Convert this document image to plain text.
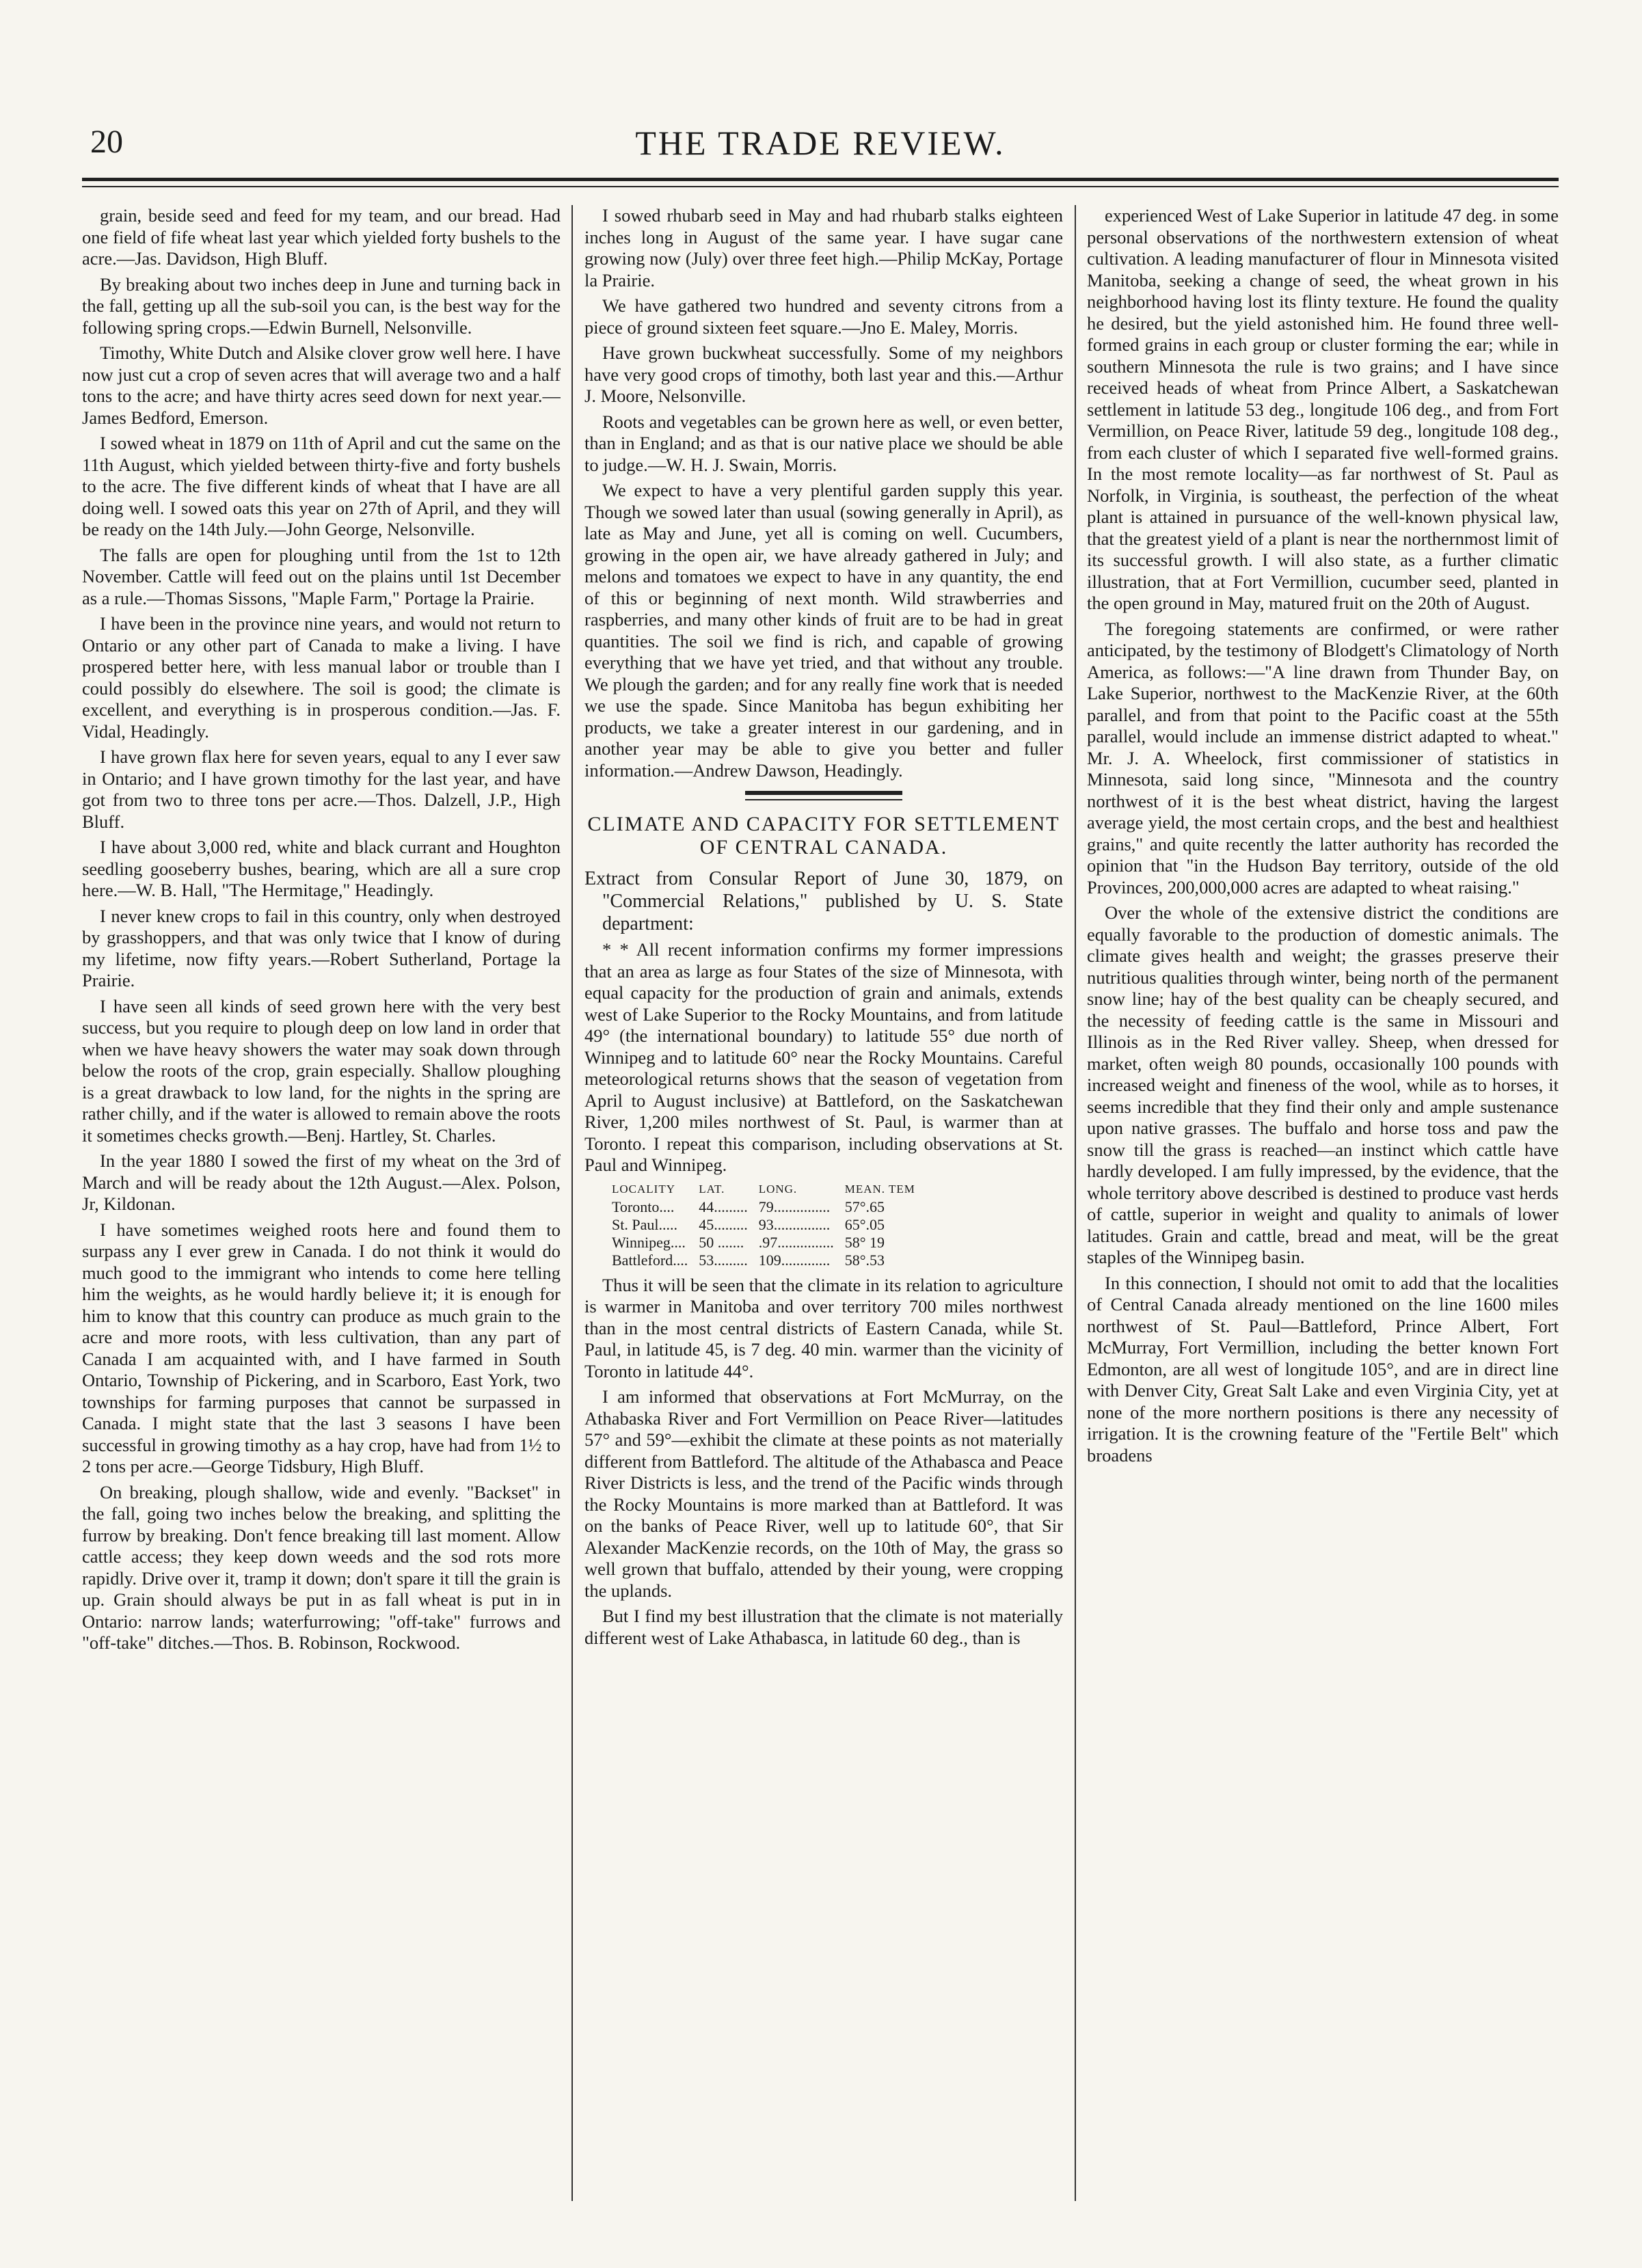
20	THE TRADE REVIEW.

grain, beside seed and feed for my team, and our bread. Had one field of fife wheat last year which yielded forty bushels to the acre.—Jas. Davidson, High Bluff.

By breaking about two inches deep in June and turning back in the fall, getting up all the sub-soil you can, is the best way for the following spring crops.—Edwin Burnell, Nelsonville.

Timothy, White Dutch and Alsike clover grow well here. I have now just cut a crop of seven acres that will average two and a half tons to the acre; and have thirty acres seed down for next year.—James Bedford, Emerson.

I sowed wheat in 1879 on 11th of April and cut the same on the 11th August, which yielded between thirty-five and forty bushels to the acre. The five different kinds of wheat that I have are all doing well. I sowed oats this year on 27th of April, and they will be ready on the 14th July.—John George, Nelsonville.

The falls are open for ploughing until from the 1st to 12th November. Cattle will feed out on the plains until 1st December as a rule.—Thomas Sissons, "Maple Farm," Portage la Prairie.

I have been in the province nine years, and would not return to Ontario or any other part of Canada to make a living. I have prospered better here, with less manual labor or trouble than I could possibly do elsewhere. The soil is good; the climate is excellent, and everything is in prosperous condition.—Jas. F. Vidal, Headingly.

I have grown flax here for seven years, equal to any I ever saw in Ontario; and I have grown timothy for the last year, and have got from two to three tons per acre.—Thos. Dalzell, J.P., High Bluff.

I have about 3,000 red, white and black currant and Houghton seedling gooseberry bushes, bearing, which are all a sure crop here.—W. B. Hall, "The Hermitage," Headingly.

I never knew crops to fail in this country, only when destroyed by grasshoppers, and that was only twice that I know of during my lifetime, now fifty years.—Robert Sutherland, Portage la Prairie.

I have seen all kinds of seed grown here with the very best success, but you require to plough deep on low land in order that when we have heavy showers the water may soak down through below the roots of the crop, grain especially. Shallow ploughing is a great drawback to low land, for the nights in the spring are rather chilly, and if the water is allowed to remain above the roots it sometimes checks growth.—Benj. Hartley, St. Charles.

In the year 1880 I sowed the first of my wheat on the 3rd of March and will be ready about the 12th August.—Alex. Polson, Jr, Kildonan.

I have sometimes weighed roots here and found them to surpass any I ever grew in Canada. I do not think it would do much good to the immigrant who intends to come here telling him the weights, as he would hardly believe it; it is enough for him to know that this country can produce as much grain to the acre and more roots, with less cultivation, than any part of Canada I am acquainted with, and I have farmed in South Ontario, Township of Pickering, and in Scarboro, East York, two townships for farming purposes that cannot be surpassed in Canada. I might state that the last 3 seasons I have been successful in growing timothy as a hay crop, have had from 1½ to 2 tons per acre.—George Tidsbury, High Bluff.

On breaking, plough shallow, wide and evenly. "Backset" in the fall, going two inches below the breaking, and splitting the furrow by breaking. Don't fence breaking till last moment. Allow cattle access; they keep down weeds and the sod rots more rapidly. Drive over it, tramp it down; don't spare it till the grain is up. Grain should always be put in as fall wheat is put in in Ontario: narrow lands; waterfurrowing; "off-take" furrows and "off-take" ditches.—Thos. B. Robinson, Rockwood.

I sowed rhubarb seed in May and had rhubarb stalks eighteen inches long in August of the same year. I have sugar cane growing now (July) over three feet high.—Philip McKay, Portage la Prairie.

We have gathered two hundred and seventy citrons from a piece of ground sixteen feet square.—Jno E. Maley, Morris.

Have grown buckwheat successfully. Some of my neighbors have very good crops of timothy, both last year and this.—Arthur J. Moore, Nelsonville.

Roots and vegetables can be grown here as well, or even better, than in England; and as that is our native place we should be able to judge.—W. H. J. Swain, Morris.

We expect to have a very plentiful garden supply this year. Though we sowed later than usual (sowing generally in April), as late as May and June, yet all is coming on well. Cucumbers, growing in the open air, we have already gathered in July; and melons and tomatoes we expect to have in any quantity, the end of this or beginning of next month. Wild strawberries and raspberries, and many other kinds of fruit are to be had in great quantities. The soil we find is rich, and capable of growing everything that we have yet tried, and that without any trouble. We plough the garden; and for any really fine work that is needed we use the spade. Since Manitoba has begun exhibiting her products, we take a greater interest in our gardening, and in another year may be able to give you better and fuller information.—Andrew Dawson, Headingly.

CLIMATE AND CAPACITY FOR SETTLEMENT OF CENTRAL CANADA.

Extract from Consular Report of June 30, 1879, on "Commercial Relations," published by U. S. State department:

* * All recent information confirms my former impressions that an area as large as four States of the size of Minnesota, with equal capacity for the production of grain and animals, extends west of Lake Superior to the Rocky Mountains, and from latitude 49° (the international boundary) to latitude 55° due north of Winnipeg and to latitude 60° near the Rocky Mountains. Careful meteorological returns shows that the season of vegetation from April to August inclusive) at Battleford, on the Saskatchewan River, 1,200 miles northwest of St. Paul, is warmer than at Toronto. I repeat this comparison, including observations at St. Paul and Winnipeg.

LOCALITY	LAT.	LONG.	MEAN. TEM
Toronto....	44.........	79...............	57°.65
St. Paul.....	45.........	93...............	65°.05
Winnipeg....	50 .......	.97...............	58° 19
Battleford....	53.........	109.............	58°.53

Thus it will be seen that the climate in its relation to agriculture is warmer in Manitoba and over territory 700 miles northwest than in the most central districts of Eastern Canada, while St. Paul, in latitude 45, is 7 deg. 40 min. warmer than the vicinity of Toronto in latitude 44°.

I am informed that observations at Fort McMurray, on the Athabaska River and Fort Vermillion on Peace River—latitudes 57° and 59°—exhibit the climate at these points as not materially different from Battleford. The altitude of the Athabasca and Peace River Districts is less, and the trend of the Pacific winds through the Rocky Mountains is more marked than at Battleford. It was on the banks of Peace River, well up to latitude 60°, that Sir Alexander MacKenzie records, on the 10th of May, the grass so well grown that buffalo, attended by their young, were cropping the uplands.

But I find my best illustration that the climate is not materially different west of Lake Athabasca, in latitude 60 deg., than is

experienced West of Lake Superior in latitude 47 deg. in some personal observations of the northwestern extension of wheat cultivation. A leading manufacturer of flour in Minnesota visited Manitoba, seeking a change of seed, the wheat grown in his neighborhood having lost its flinty texture. He found the quality he desired, but the yield astonished him. He found three well-formed grains in each group or cluster forming the ear; while in southern Minnesota the rule is two grains; and I have since received heads of wheat from Prince Albert, a Saskatchewan settlement in latitude 53 deg., longitude 106 deg., and from Fort Vermillion, on Peace River, latitude 59 deg., longitude 108 deg., from each cluster of which I separated five well-formed grains. In the most remote locality—as far northwest of St. Paul as Norfolk, in Virginia, is southeast, the perfection of the wheat plant is attained in pursuance of the well-known physical law, that the greatest yield of a plant is near the northernmost limit of its successful growth. I will also state, as a further climatic illustration, that at Fort Vermillion, cucumber seed, planted in the open ground in May, matured fruit on the 20th of August.

The foregoing statements are confirmed, or were rather anticipated, by the testimony of Blodgett's Climatology of North America, as follows:—"A line drawn from Thunder Bay, on Lake Superior, northwest to the MacKenzie River, at the 60th parallel, and from that point to the Pacific coast at the 55th parallel, would include an immense district adapted to wheat." Mr. J. A. Wheelock, first commissioner of statistics in Minnesota, said long since, "Minnesota and the country northwest of it is the best wheat district, having the largest average yield, the most certain crops, and the best and healthiest grains," and quite recently the latter authority has recorded the opinion that "in the Hudson Bay territory, outside of the old Provinces, 200,000,000 acres are adapted to wheat raising."

Over the whole of the extensive district the conditions are equally favorable to the production of domestic animals. The climate gives health and weight; the grasses preserve their nutritious qualities through winter, being north of the permanent snow line; hay of the best quality can be cheaply secured, and the necessity of feeding cattle is the same in Missouri and Illinois as in the Red River valley. Sheep, when dressed for market, often weigh 80 pounds, occasionally 100 pounds with increased weight and fineness of the wool, while as to horses, it seems incredible that they find their only and ample sustenance upon native grasses. The buffalo and horse toss and paw the snow till the grass is reached—an instinct which cattle have hardly developed. I am fully impressed, by the evidence, that the whole territory above described is destined to produce vast herds of cattle, superior in weight and quality to animals of lower latitudes. Grain and cattle, bread and meat, will be the great staples of the Winnipeg basin.

In this connection, I should not omit to add that the localities of Central Canada already mentioned on the line 1600 miles northwest of St. Paul—Battleford, Prince Albert, Fort McMurray, Fort Vermillion, including the better known Fort Edmonton, are all west of longitude 105°, and are in direct line with Denver City, Great Salt Lake and even Virginia City, yet at none of the more northern positions is there any necessity of irrigation. It is the crowning feature of the "Fertile Belt" which broadens
